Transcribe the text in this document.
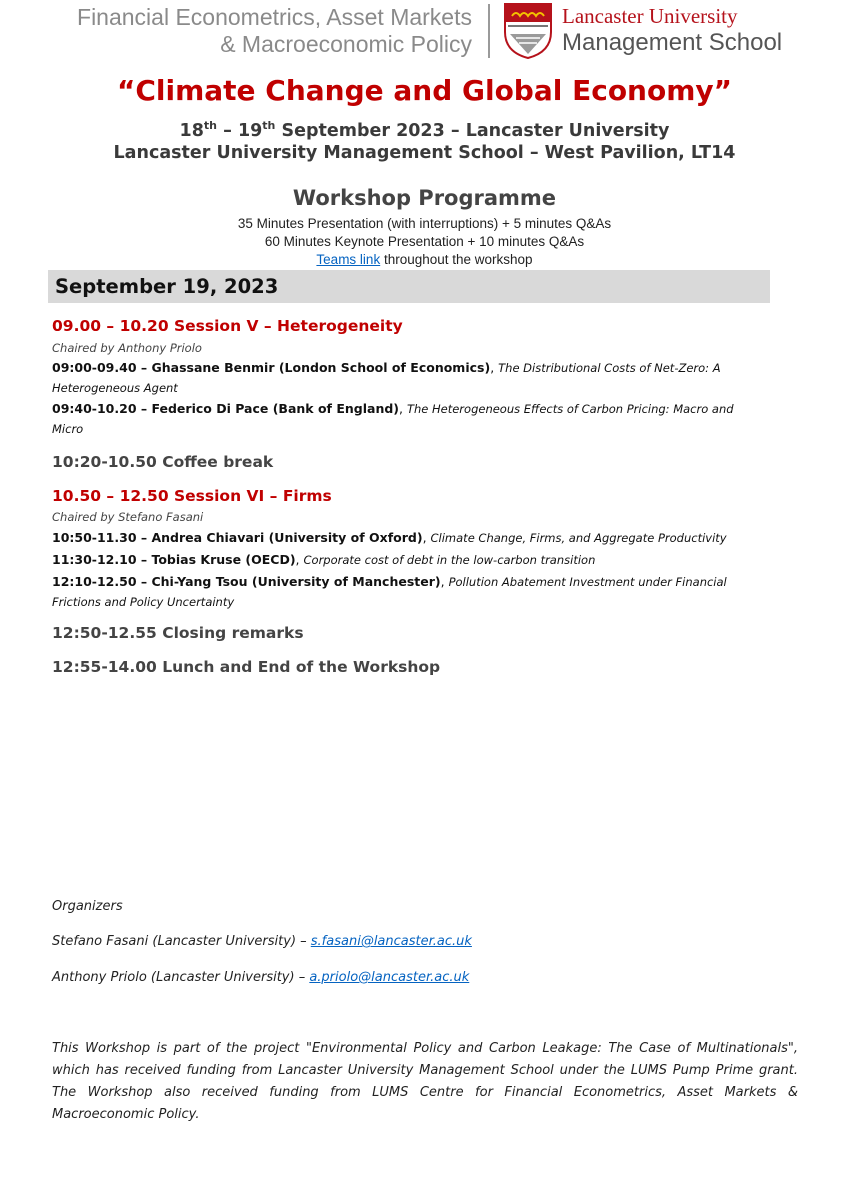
Financial Econometrics, Asset Markets
& Macroeconomic Policy
Lancaster University
Management School
“Climate Change and Global Economy”
18th – 19th September 2023 – Lancaster University
Lancaster University Management School – West Pavilion, LT14
Workshop Programme
35 Minutes Presentation (with interruptions) + 5 minutes Q&As
60 Minutes Keynote Presentation + 10 minutes Q&As
Teams link throughout the workshop
September 19, 2023
09.00 – 10.20 Session V – Heterogeneity
Chaired by Anthony Priolo
09:00-09.40 – Ghassane Benmir (London School of Economics), The Distributional Costs of Net-Zero: A
Heterogeneous Agent
09:40-10.20 – Federico Di Pace (Bank of England), The Heterogeneous Effects of Carbon Pricing: Macro and
Micro
10:20-10.50 Coffee break
10.50 – 12.50 Session VI – Firms
Chaired by Stefano Fasani
10:50-11.30 – Andrea Chiavari (University of Oxford), Climate Change, Firms, and Aggregate Productivity
11:30-12.10 – Tobias Kruse (OECD), Corporate cost of debt in the low-carbon transition
12:10-12.50 – Chi-Yang Tsou (University of Manchester), Pollution Abatement Investment under Financial
Frictions and Policy Uncertainty
12:50-12.55 Closing remarks
12:55-14.00 Lunch and End of the Workshop
Organizers
Stefano Fasani (Lancaster University) – s.fasani@lancaster.ac.uk
Anthony Priolo (Lancaster University) – a.priolo@lancaster.ac.uk
This Workshop is part of the project "Environmental Policy and Carbon Leakage: The Case of Multinationals", which has received funding from Lancaster University Management School under the LUMS Pump Prime grant. The Workshop also received funding from LUMS Centre for Financial Econometrics, Asset Markets & Macroeconomic Policy.
